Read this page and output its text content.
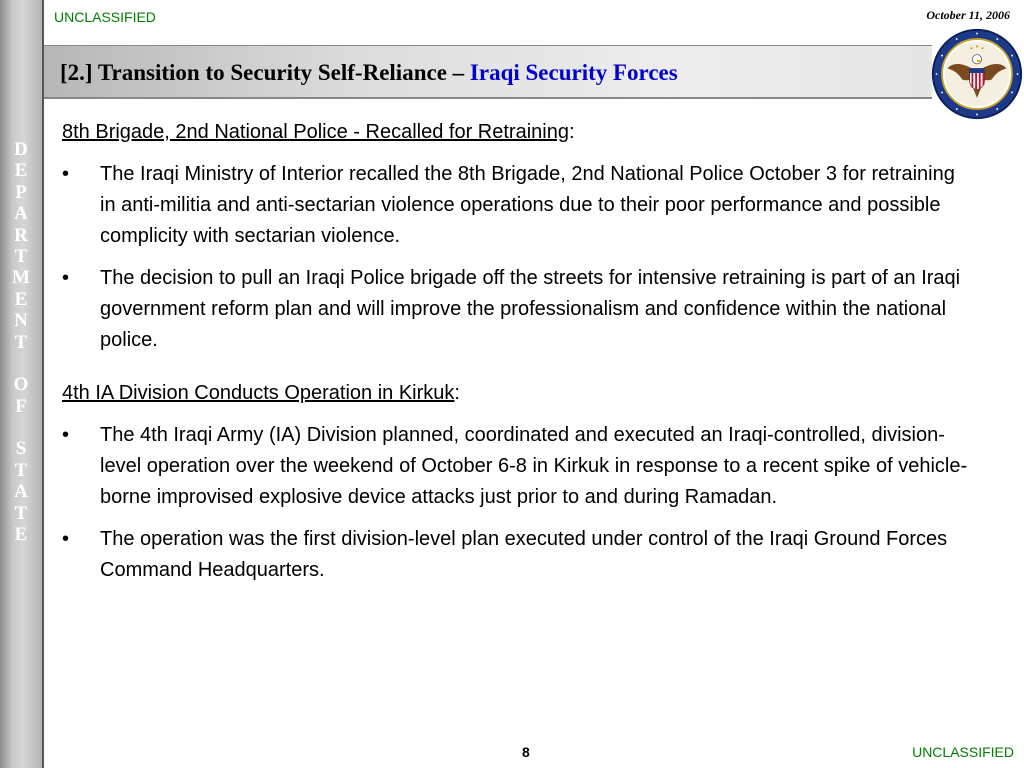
D
E
P
A
R
T
M
E
N
T

O
F

S
T
A
T
E
UNCLASSIFIED	October 11, 2006
[2.] Transition to Security Self-Reliance – Iraqi Security Forces

8th Brigade, 2nd National Police - Recalled for Retraining:

• The Iraqi Ministry of Interior recalled the 8th Brigade, 2nd National Police October 3 for retraining in anti-militia and anti-sectarian violence operations due to their poor performance and possible complicity with sectarian violence.
• The decision to pull an Iraqi Police brigade off the streets for intensive retraining is part of an Iraqi government reform plan and will improve the professionalism and confidence within the national police.

4th IA Division Conducts Operation in Kirkuk:

• The 4th Iraqi Army (IA) Division planned, coordinated and executed an Iraqi-controlled, division-level operation over the weekend of October 6-8 in Kirkuk in response to a recent spike of vehicle-borne improvised explosive device attacks just prior to and during Ramadan.
• The operation was the first division-level plan executed under control of the Iraqi Ground Forces Command Headquarters.
8	UNCLASSIFIED
